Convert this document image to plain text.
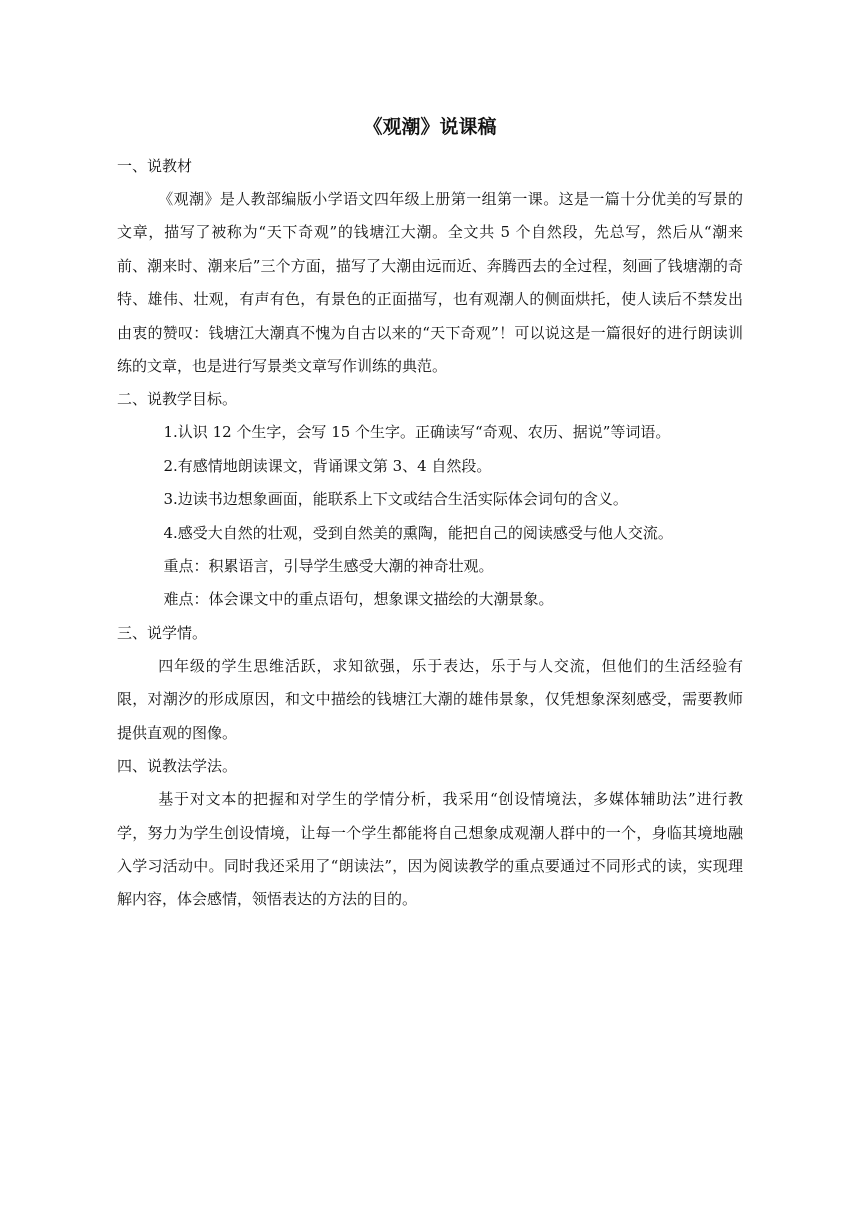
《观潮》说课稿
一、说教材

《观潮》是人教部编版小学语文四年级上册第一组第一课。这是一篇十分优美的写景的文章，描写了被称为“天下奇观”的钱塘江大潮。全文共 5 个自然段，先总写，然后从“潮来前、潮来时、潮来后”三个方面，描写了大潮由远而近、奔腾西去的全过程，刻画了钱塘潮的奇特、雄伟、壮观，有声有色，有景色的正面描写，也有观潮人的侧面烘托，使人读后不禁发出由衷的赞叹：钱塘江大潮真不愧为自古以来的“天下奇观”！可以说这是一篇很好的进行朗读训练的文章，也是进行写景类文章写作训练的典范。

二、说教学目标。

1.认识 12 个生字，会写 15 个生字。正确读写“奇观、农历、据说”等词语。

2.有感情地朗读课文，背诵课文第 3、4 自然段。

3.边读书边想象画面，能联系上下文或结合生活实际体会词句的含义。

4.感受大自然的壮观，受到自然美的熏陶，能把自己的阅读感受与他人交流。

重点：积累语言，引导学生感受大潮的神奇壮观。

难点：体会课文中的重点语句，想象课文描绘的大潮景象。

三、说学情。

四年级的学生思维活跃，求知欲强，乐于表达，乐于与人交流，但他们的生活经验有限，对潮汐的形成原因，和文中描绘的钱塘江大潮的雄伟景象，仅凭想象深刻感受，需要教师提供直观的图像。

四、说教法学法。

基于对文本的把握和对学生的学情分析，我采用“创设情境法，多媒体辅助法”进行教学，努力为学生创设情境，让每一个学生都能将自己想象成观潮人群中的一个，身临其境地融入学习活动中。同时我还采用了“朗读法”，因为阅读教学的重点要通过不同形式的读，实现理解内容，体会感情，领悟表达的方法的目的。
